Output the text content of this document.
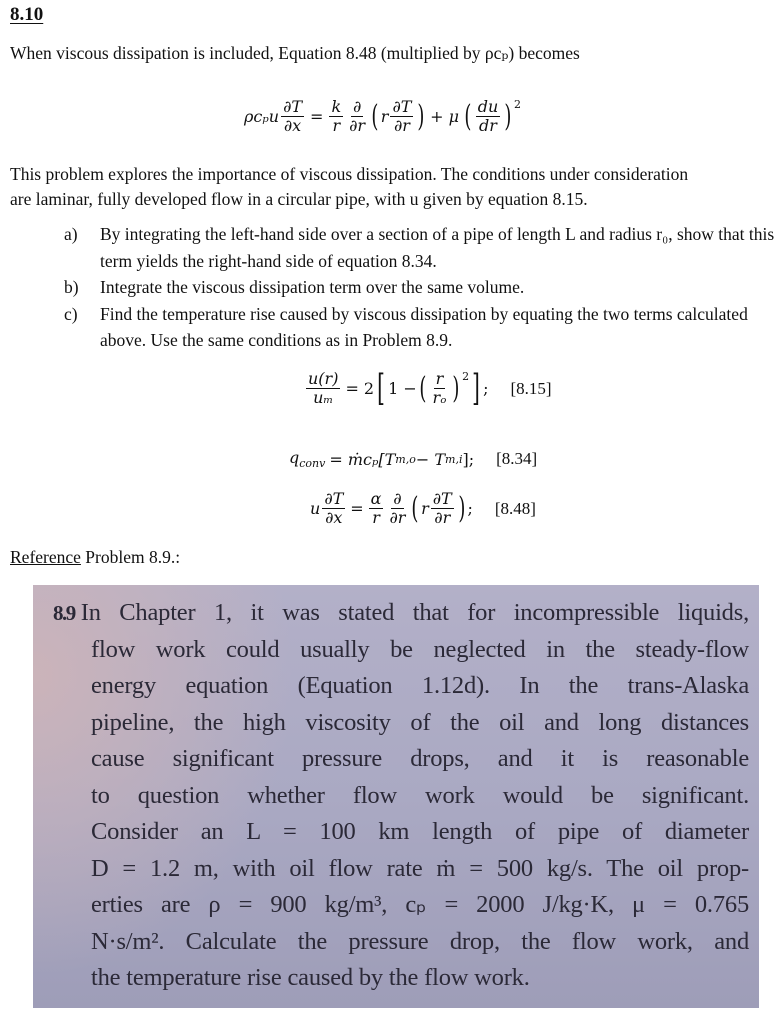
8.10
When viscous dissipation is included, Equation 8.48 (multiplied by ρcₚ) becomes
ρcₚu $\frac{\partial T}{\partial x} = \frac{k}{r} \frac{\partial}{\partial r}$ ( r $\frac{\partial T}{\partial r}$ ) + μ ( $\frac{du}{dr} )^2$
This problem explores the importance of viscous dissipation. The conditions under consideration
are laminar, fully developed flow in a circular pipe, with u given by equation 8.15.
a)	By integrating the left-hand side over a section of a pipe of length L and radius r₀, show that this term yields the right-hand side of equation 8.34.
b)	Integrate the viscous dissipation term over the same volume.
c)	Find the temperature rise caused by viscous dissipation by equating the two terms calculated above. Use the same conditions as in Problem 8.9.
$\frac{u(r)}{\text{uₘ}} = 2$ [ 1 − ( $\frac{r}{\text{rₒ}} )^2$ ] ; [8.15]
$q_{conv}$ = ṁcₚ[T m,o − T m,i ]; [8.34]
u $\frac{\partial T}{\partial x} = \frac{\alpha}{r} \frac{\partial}{\partial r}$ ( r $\frac{\partial T}{\partial r}$ ) ; [8.48]
Reference Problem 8.9.:
8.9 In Chapter 1, it was stated that for incompressible liquids,
flow work could usually be neglected in the steady-flow
energy equation (Equation 1.12d). In the trans-Alaska
pipeline, the high viscosity of the oil and long distances
cause significant pressure drops, and it is reasonable
to question whether flow work would be significant.
Consider an L = 100 km length of pipe of diameter
D = 1.2 m, with oil flow rate ṁ = 500 kg/s. The oil prop-
erties are ρ = 900 kg/m³, cₚ = 2000 J/kg·K, μ = 0.765
N·s/m². Calculate the pressure drop, the flow work, and
the temperature rise caused by the flow work.
